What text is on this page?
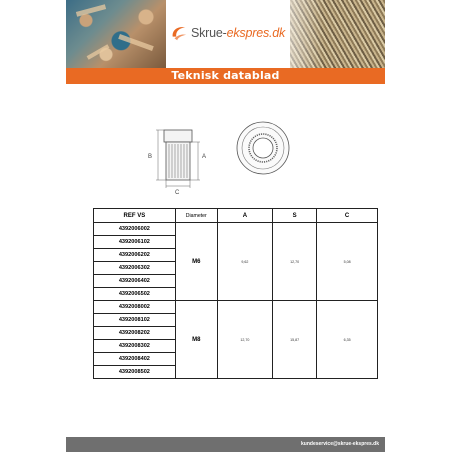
Skrue-ekspres.dk
Teknisk datablad
B	A
C
REF VS	Diameter	A	S	C
4392006002	M6	9,62	12,70	5,08
4392006102				
4392006202				
4392006302				
4392006402				
4392006502				
4392008002	M8	12,70	15,87	6,35
4392008102				
4392008202				
4392008302				
4392008402				
4392008502				
kundeservice@skrue-ekspres.dk
